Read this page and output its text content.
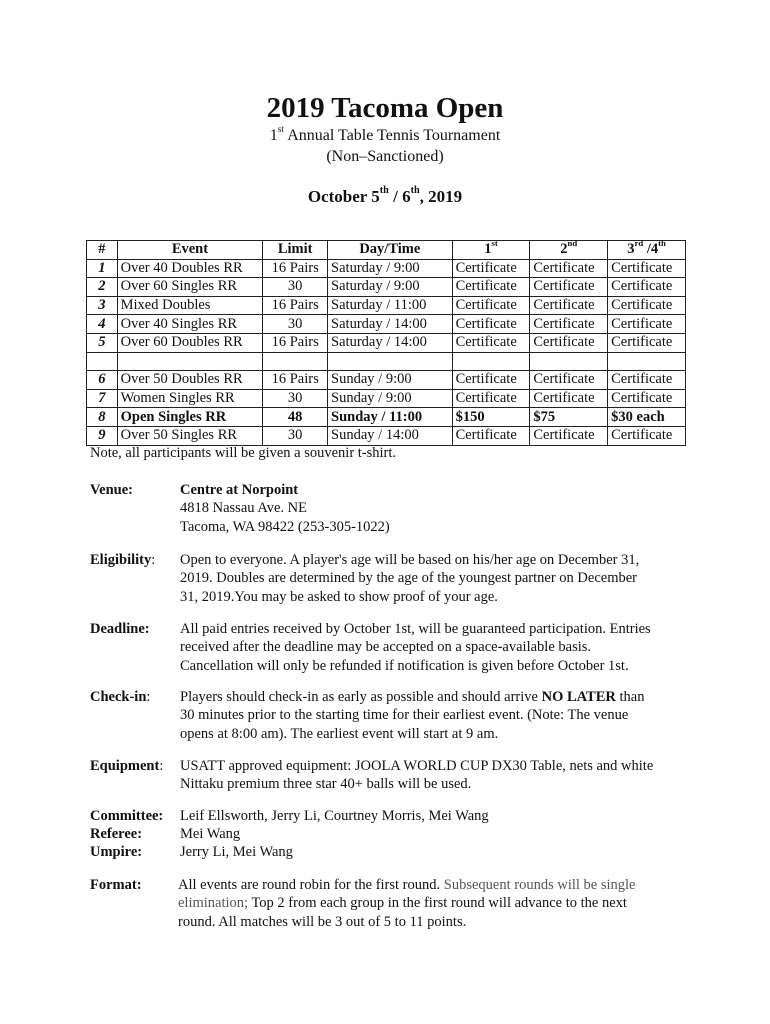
2019 Tacoma Open
1st Annual Table Tennis Tournament
(Non–Sanctioned)
October 5th / 6th, 2019
#	Event	Limit	Day/Time	1st	2nd	3rd /4th
1	Over 40 Doubles RR	16 Pairs	Saturday / 9:00	Certificate	Certificate	Certificate
2	Over 60 Singles RR	30	Saturday / 9:00	Certificate	Certificate	Certificate
3	Mixed Doubles	16 Pairs	Saturday / 11:00	Certificate	Certificate	Certificate
4	Over 40 Singles RR	30	Saturday / 14:00	Certificate	Certificate	Certificate
5	Over 60 Doubles RR	16 Pairs	Saturday / 14:00	Certificate	Certificate	Certificate

6	Over 50 Doubles RR	16 Pairs	Sunday / 9:00	Certificate	Certificate	Certificate
7	Women Singles RR	30	Sunday / 9:00	Certificate	Certificate	Certificate
8	Open Singles RR	48	Sunday / 11:00	$150	$75	$30 each
9	Over 50 Singles RR	30	Sunday / 14:00	Certificate	Certificate	Certificate
Note, all participants will be given a souvenir t-shirt.
Venue:	Centre at Norpoint
4818 Nassau Ave. NE
Tacoma, WA 98422 (253-305-1022)
Eligibility: Open to everyone. A player's age will be based on his/her age on December 31,
2019. Doubles are determined by the age of the youngest partner on December
31, 2019.You may be asked to show proof of your age.
Deadline: All paid entries received by October 1st, will be guaranteed participation. Entries
received after the deadline may be accepted on a space-available basis.
Cancellation will only be refunded if notification is given before October 1st.
Check-in: Players should check-in as early as possible and should arrive NO LATER than
30 minutes prior to the starting time for their earliest event. (Note: The venue
opens at 8:00 am). The earliest event will start at 9 am.
Equipment: USATT approved equipment: JOOLA WORLD CUP DX30 Table, nets and white
Nittaku premium three star 40+ balls will be used.
Committee: Leif Ellsworth, Jerry Li, Courtney Morris, Mei Wang
Referee:	Mei Wang
Umpire:	Jerry Li, Mei Wang
Format:	All events are round robin for the first round. Subsequent rounds will be single
elimination; Top 2 from each group in the first round will advance to the next
round. All matches will be 3 out of 5 to 11 points.
